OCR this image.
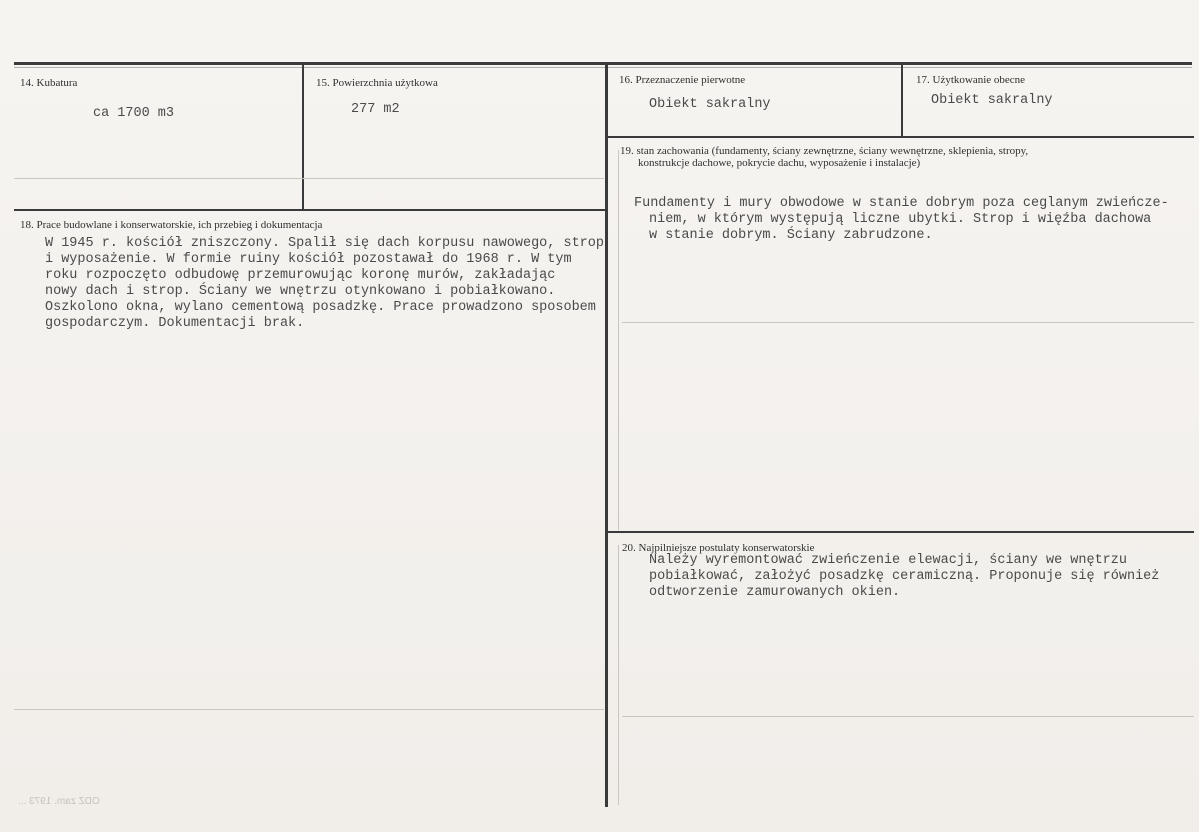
14. Kubatura
ca 1700 m3
15. Powierzchnia użytkowa
277 m2
16. Przeznaczenie pierwotne
Obiekt sakralny
17. Użytkowanie obecne
Obiekt sakralny
18. Prace budowlane i konserwatorskie, ich przebieg i dokumentacja
W 1945 r. kościół zniszczony. Spalił się dach korpusu nawowego, strop
i wyposażenie. W formie ruiny kościół pozostawał do 1968 r. W tym
roku rozpoczęto odbudowę przemurowując koronę murów, zakładając
nowy dach i strop. Ściany we wnętrzu otynkowano i pobiałkowano.
Oszkolono okna, wylano cementową posadzkę. Prace prowadzono sposobem
gospodarczym. Dokumentacji brak.
19. stan zachowania (fundamenty, ściany zewnętrzne, ściany wewnętrzne, sklepienia, stropy,
konstrukcje dachowe, pokrycie dachu, wyposażenie i instalacje)
Fundamenty i mury obwodowe w stanie dobrym poza ceglanym zwieńcze-
niem, w którym występują liczne ubytki. Strop i więźba dachowa
w stanie dobrym. Ściany zabrudzone.
20. Najpilniejsze postulaty konserwatorskie
Należy wyremontować zwieńczenie elewacji, ściany we wnętrzu
pobiałkować, założyć posadzkę ceramiczną. Proponuje się również
odtworzenie zamurowanych okien.
ODZ zam. 1973 ...
